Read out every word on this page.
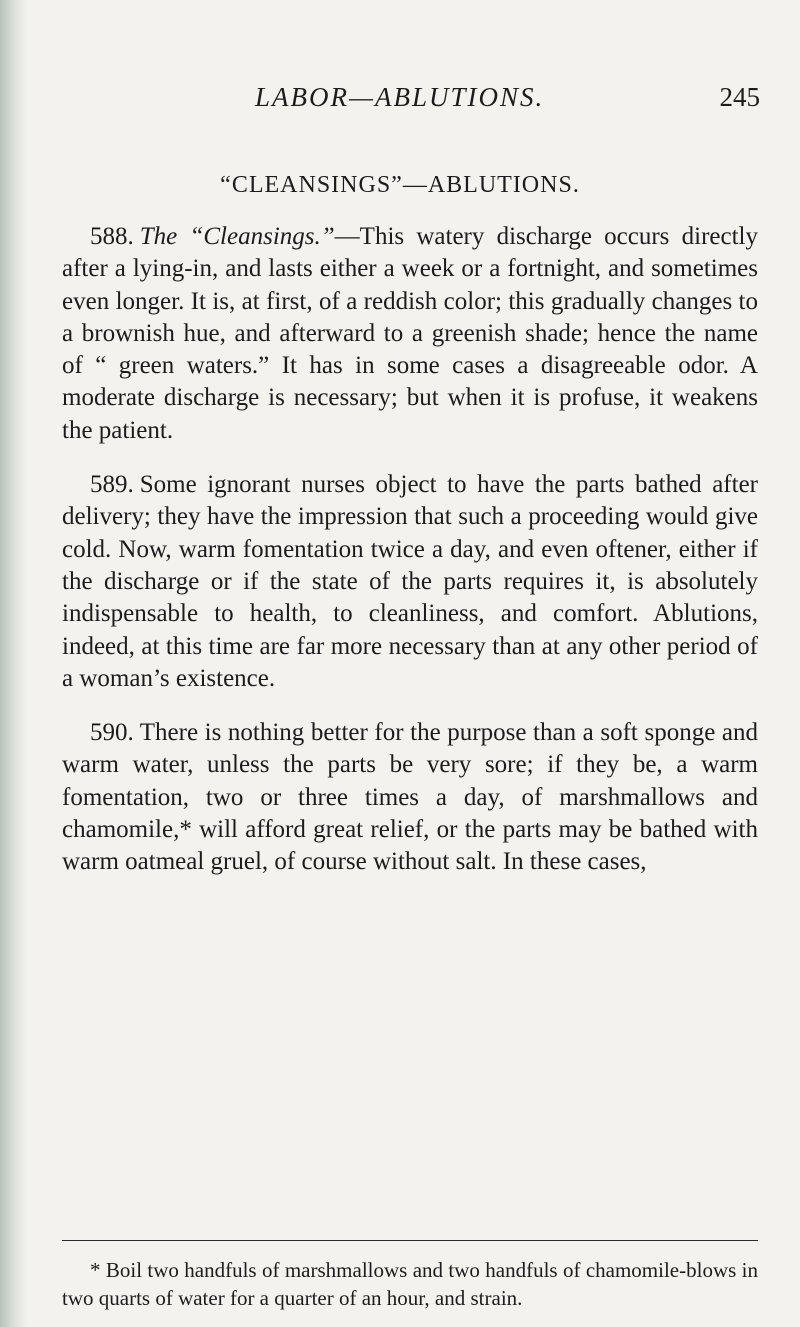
LABOR—ABLUTIONS.	245
“CLEANSINGS”—ABLUTIONS.

588. The “Cleansings.”—This watery discharge occurs directly after a lying-in, and lasts either a week or a fortnight, and sometimes even longer. It is, at first, of a reddish color; this gradually changes to a brownish hue, and afterward to a greenish shade; hence the name of “ green waters.” It has in some cases a disagreeable odor. A moderate discharge is necessary; but when it is profuse, it weakens the patient.

589. Some ignorant nurses object to have the parts bathed after delivery; they have the impression that such a proceeding would give cold. Now, warm fomentation twice a day, and even oftener, either if the discharge or if the state of the parts requires it, is absolutely indispensable to health, to cleanliness, and comfort. Ablutions, indeed, at this time are far more necessary than at any other period of a woman’s existence.

590. There is nothing better for the purpose than a soft sponge and warm water, unless the parts be very sore; if they be, a warm fomentation, two or three times a day, of marshmallows and chamomile,* will afford great relief, or the parts may be bathed with warm oatmeal gruel, of course without salt. In these cases,

* Boil two handfuls of marshmallows and two handfuls of chamomile-blows in two quarts of water for a quarter of an hour, and strain.
